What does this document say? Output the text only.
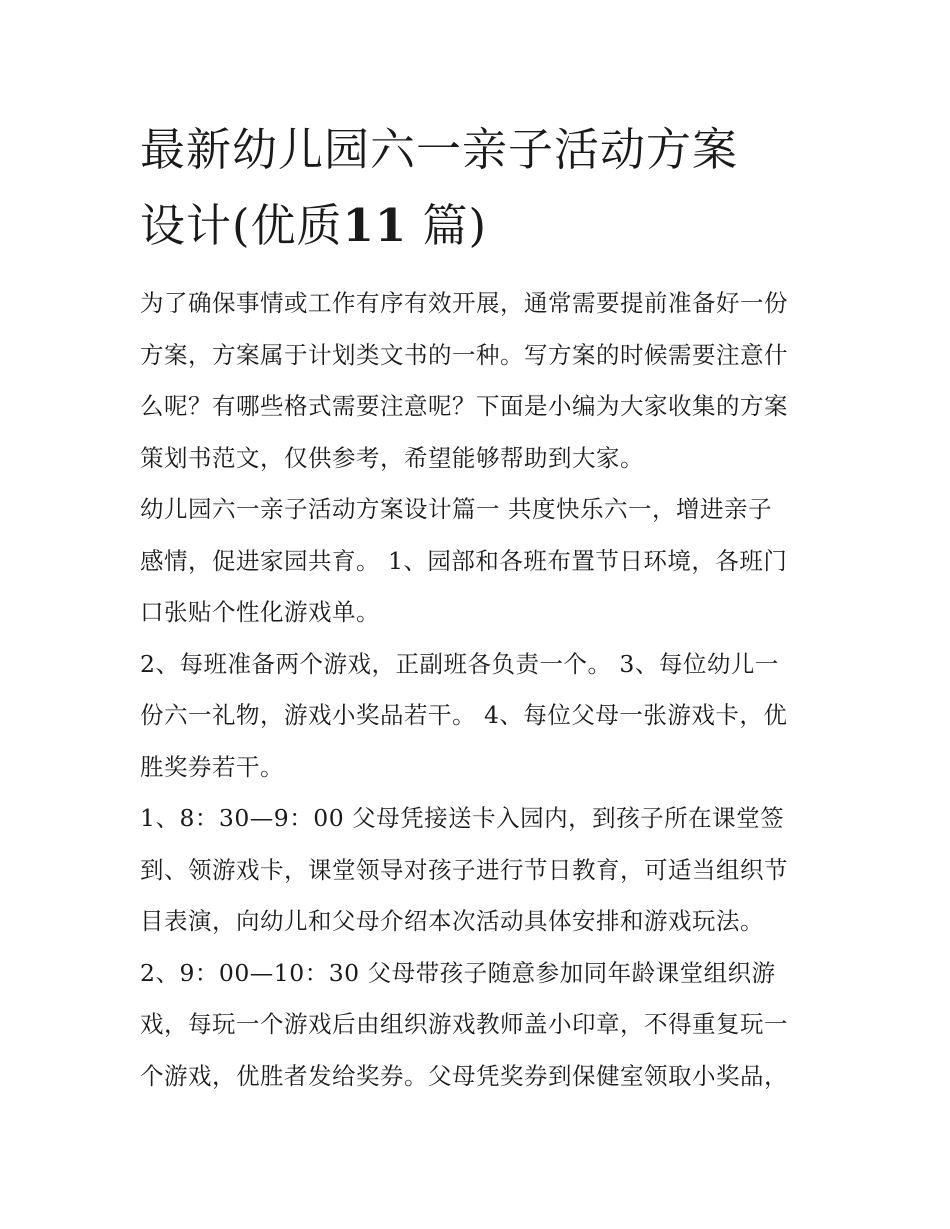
最新幼儿园六一亲子活动方案
设计(优质11 篇)

为了确保事情或工作有序有效开展，通常需要提前准备好一份
方案，方案属于计划类文书的一种。写方案的时候需要注意什
么呢？有哪些格式需要注意呢？下面是小编为大家收集的方案
策划书范文，仅供参考，希望能够帮助到大家。

幼儿园六一亲子活动方案设计篇一 共度快乐六一，增进亲子
感情，促进家园共育。 1、园部和各班布置节日环境，各班门
口张贴个性化游戏单。

2、每班准备两个游戏，正副班各负责一个。 3、每位幼儿一
份六一礼物，游戏小奖品若干。 4、每位父母一张游戏卡，优
胜奖券若干。

1、8：30—9：00 父母凭接送卡入园内，到孩子所在课堂签
到、领游戏卡，课堂领导对孩子进行节日教育，可适当组织节
目表演，向幼儿和父母介绍本次活动具体安排和游戏玩法。

2、9：00—10：30 父母带孩子随意参加同年龄课堂组织游
戏，每玩一个游戏后由组织游戏教师盖小印章，不得重复玩一
个游戏，优胜者发给奖券。父母凭奖券到保健室领取小奖品，
